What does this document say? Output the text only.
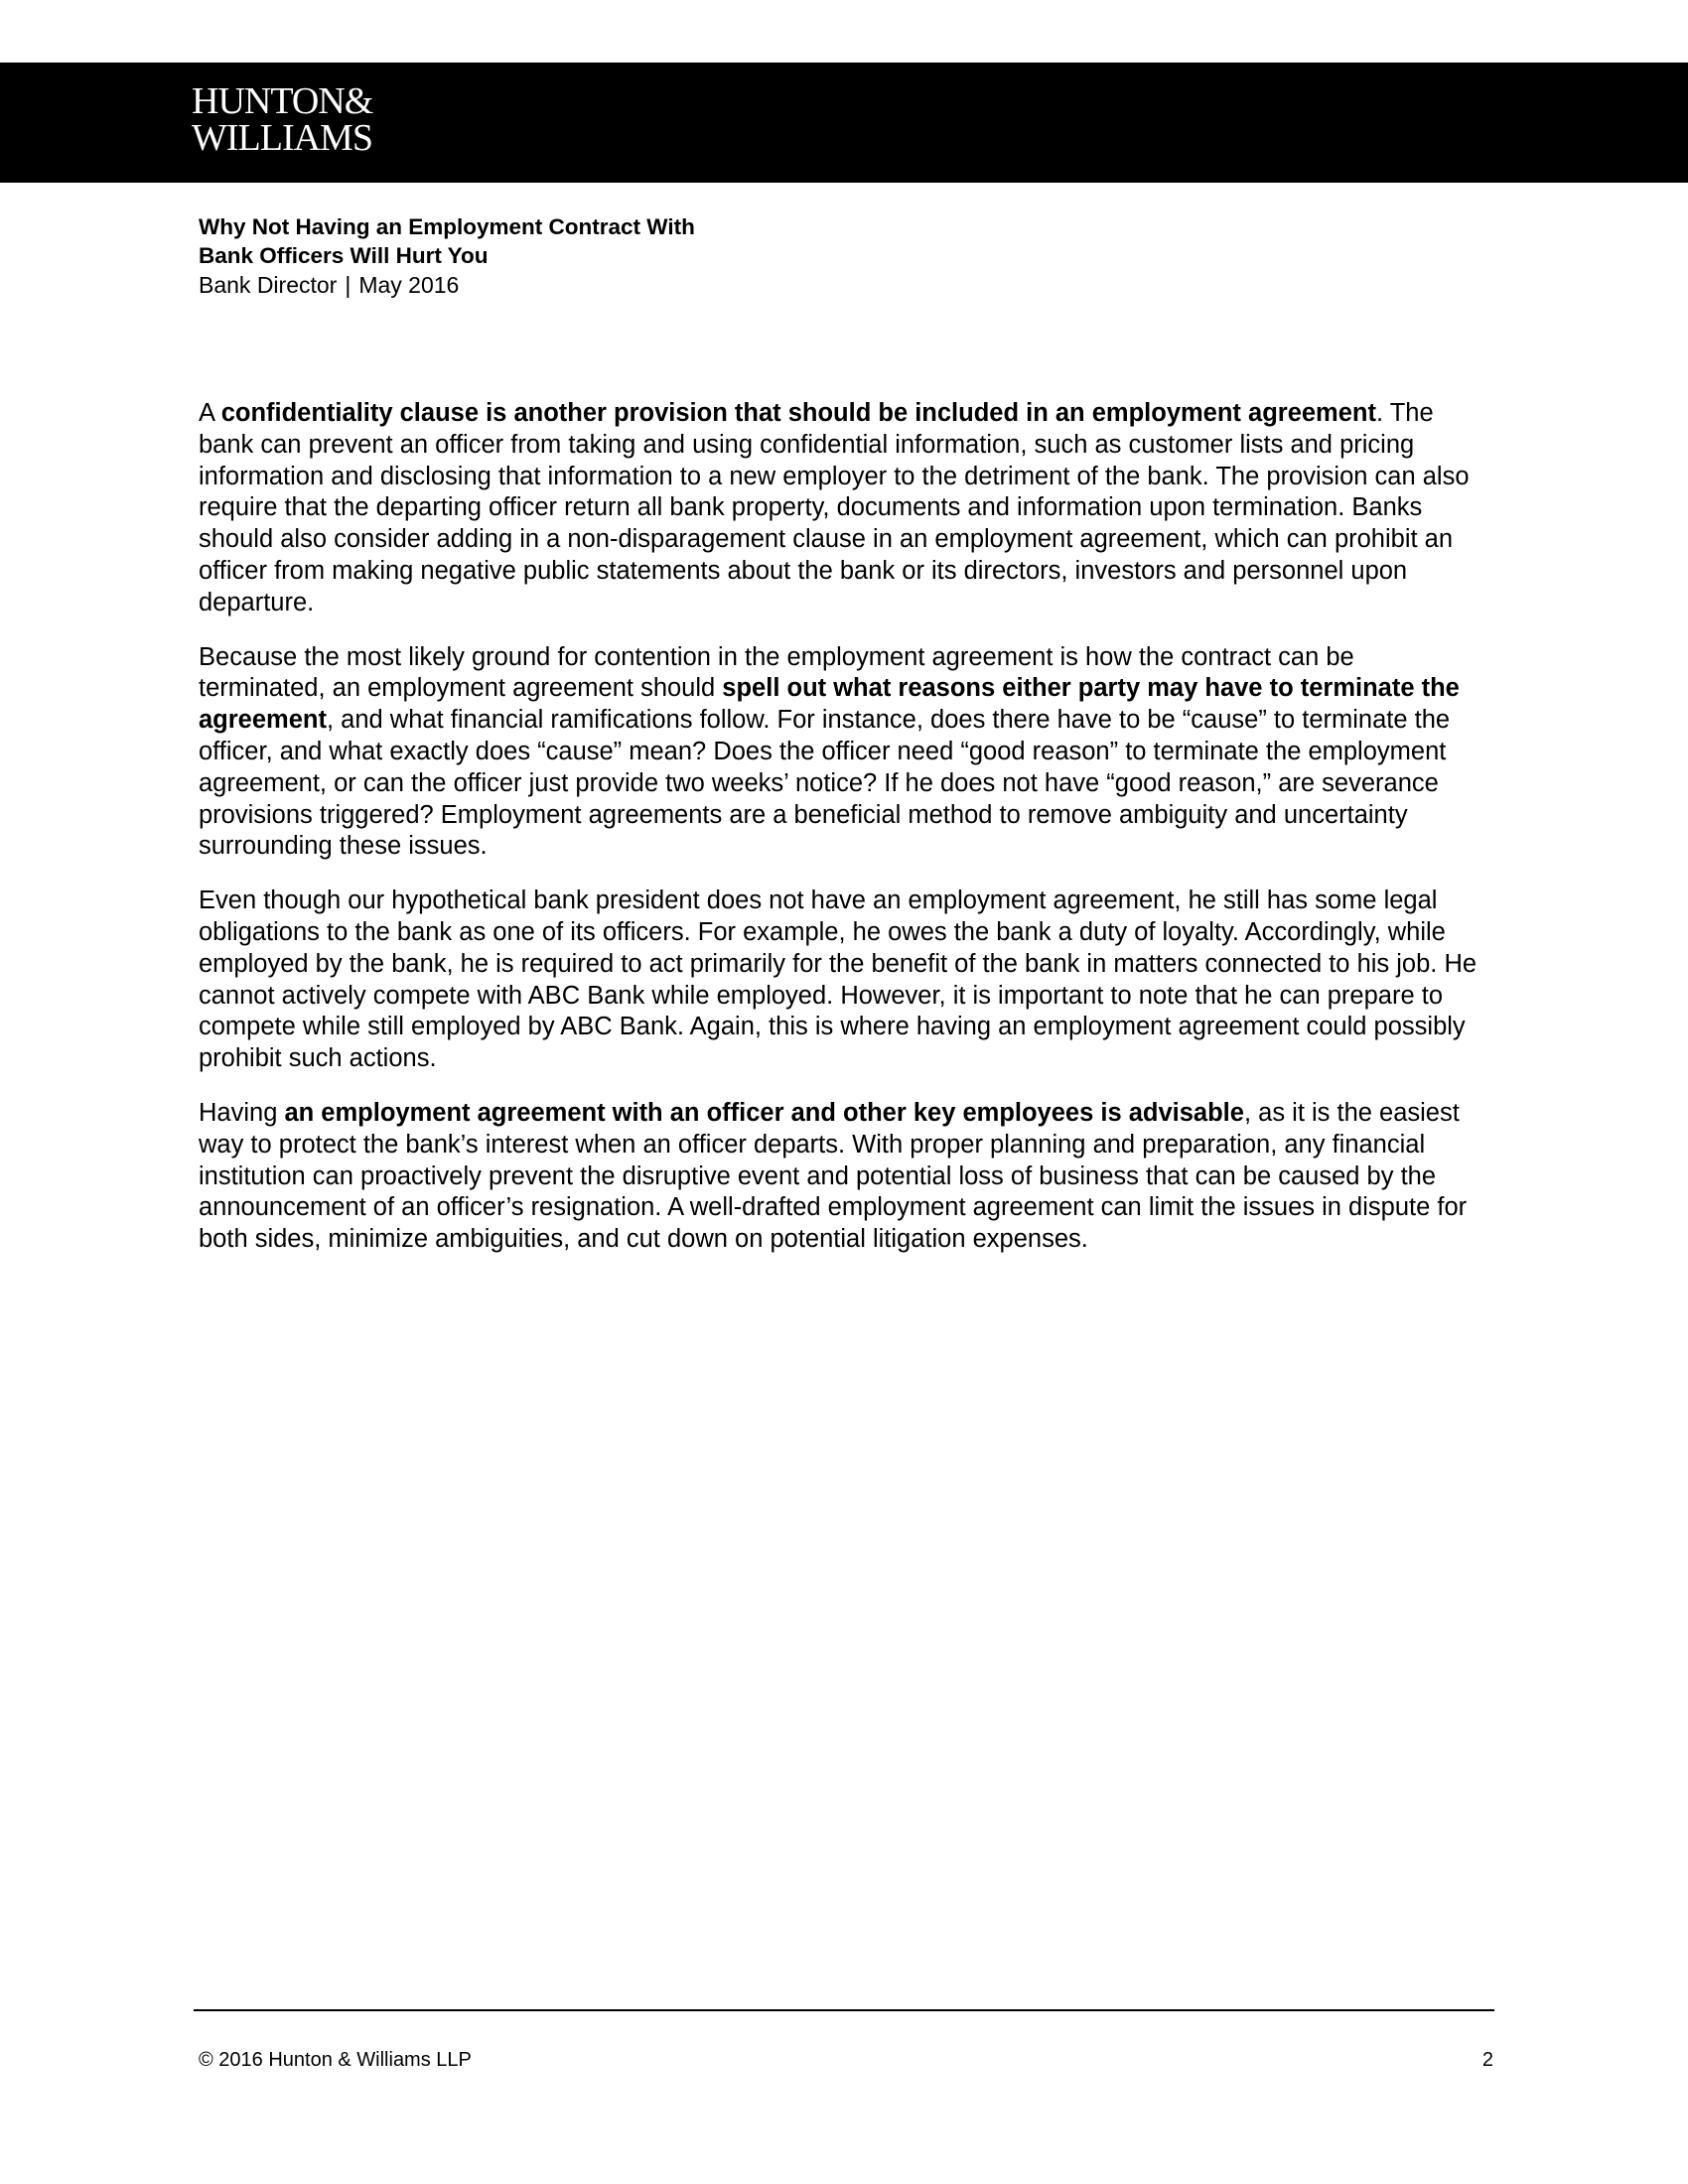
HUNTON&
WILLIAMS
Why Not Having an Employment Contract With
Bank Officers Will Hurt You
Bank Director | May 2016

A confidentiality clause is another provision that should be included in an employment agreement. The bank can prevent an officer from taking and using confidential information, such as customer lists and pricing information and disclosing that information to a new employer to the detriment of the bank. The provision can also require that the departing officer return all bank property, documents and information upon termination. Banks should also consider adding in a non-disparagement clause in an employment agreement, which can prohibit an officer from making negative public statements about the bank or its directors, investors and personnel upon departure.

Because the most likely ground for contention in the employment agreement is how the contract can be terminated, an employment agreement should spell out what reasons either party may have to terminate the agreement, and what financial ramifications follow. For instance, does there have to be “cause” to terminate the officer, and what exactly does “cause” mean? Does the officer need “good reason” to terminate the employment agreement, or can the officer just provide two weeks’ notice? If he does not have “good reason,” are severance provisions triggered? Employment agreements are a beneficial method to remove ambiguity and uncertainty surrounding these issues.

Even though our hypothetical bank president does not have an employment agreement, he still has some legal obligations to the bank as one of its officers. For example, he owes the bank a duty of loyalty. Accordingly, while employed by the bank, he is required to act primarily for the benefit of the bank in matters connected to his job. He cannot actively compete with ABC Bank while employed. However, it is important to note that he can prepare to compete while still employed by ABC Bank. Again, this is where having an employment agreement could possibly prohibit such actions.

Having an employment agreement with an officer and other key employees is advisable, as it is the easiest way to protect the bank’s interest when an officer departs. With proper planning and preparation, any financial institution can proactively prevent the disruptive event and potential loss of business that can be caused by the announcement of an officer’s resignation. A well-drafted employment agreement can limit the issues in dispute for both sides, minimize ambiguities, and cut down on potential litigation expenses.

© 2016 Hunton & Williams LLP	2
